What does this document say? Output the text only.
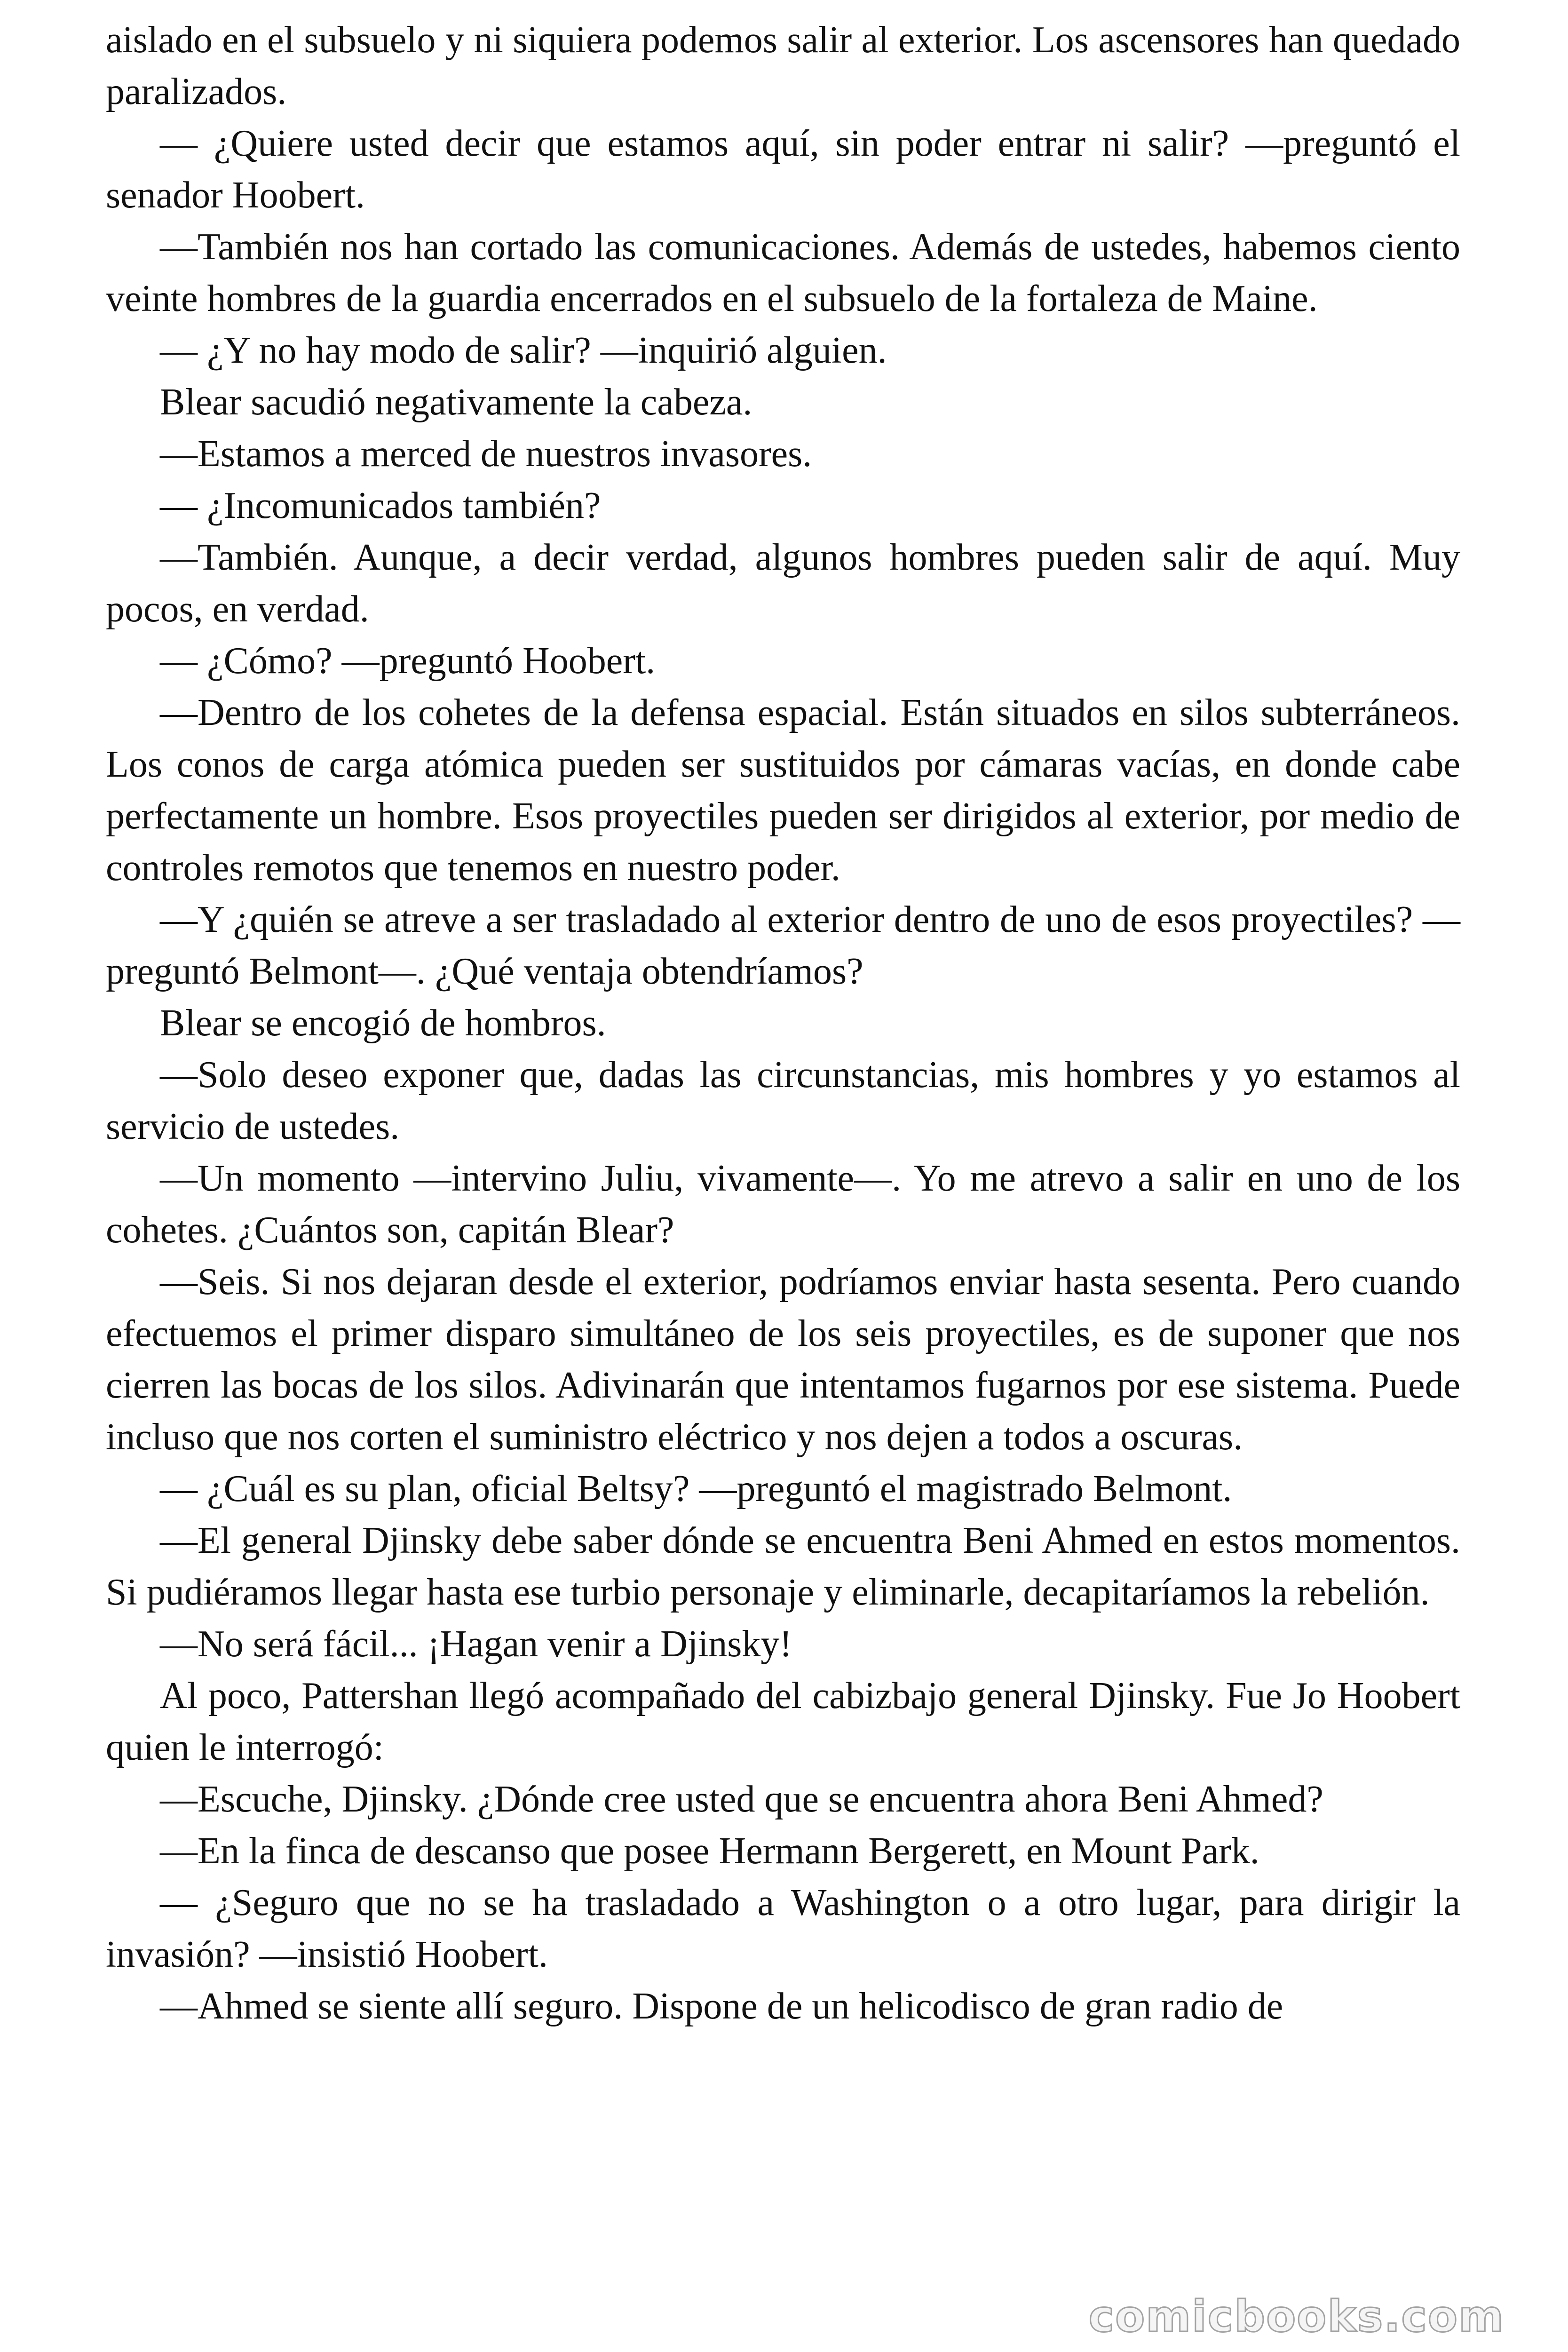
aislado en el subsuelo y ni siquiera podemos salir al exterior. Los ascensores han quedado paralizados.

— ¿Quiere usted decir que estamos aquí, sin poder entrar ni salir? —preguntó el senador Hoobert.

—También nos han cortado las comunicaciones. Además de ustedes, habemos ciento veinte hombres de la guardia encerrados en el subsuelo de la fortaleza de Maine.

— ¿Y no hay modo de salir? —inquirió alguien.

Blear sacudió negativamente la cabeza.

—Estamos a merced de nuestros invasores.

— ¿Incomunicados también?

—También. Aunque, a decir verdad, algunos hombres pueden salir de aquí. Muy pocos, en verdad.

— ¿Cómo? —preguntó Hoobert.

—Dentro de los cohetes de la defensa espacial. Están situados en silos subterráneos. Los conos de carga atómica pueden ser sustituidos por cámaras vacías, en donde cabe perfectamente un hombre. Esos proyectiles pueden ser dirigidos al exterior, por medio de controles remotos que tenemos en nuestro poder.

—Y ¿quién se atreve a ser trasladado al exterior dentro de uno de esos proyectiles? —preguntó Belmont—. ¿Qué ventaja obtendríamos?

Blear se encogió de hombros.

—Solo deseo exponer que, dadas las circunstancias, mis hombres y yo estamos al servicio de ustedes.

—Un momento —intervino Juliu, vivamente—. Yo me atrevo a salir en uno de los cohetes. ¿Cuántos son, capitán Blear?

—Seis. Si nos dejaran desde el exterior, podríamos enviar hasta sesenta. Pero cuando efectuemos el primer disparo simultáneo de los seis proyectiles, es de suponer que nos cierren las bocas de los silos. Adivinarán que intentamos fugarnos por ese sistema. Puede incluso que nos corten el suministro eléctrico y nos dejen a todos a oscuras.

— ¿Cuál es su plan, oficial Beltsy? —preguntó el magistrado Belmont.

—El general Djinsky debe saber dónde se encuentra Beni Ahmed en estos momentos. Si pudiéramos llegar hasta ese turbio personaje y eliminarle, decapitaríamos la rebelión.

—No será fácil... ¡Hagan venir a Djinsky!

Al poco, Pattershan llegó acompañado del cabizbajo general Djinsky. Fue Jo Hoobert quien le interrogó:

—Escuche, Djinsky. ¿Dónde cree usted que se encuentra ahora Beni Ahmed?

—En la finca de descanso que posee Hermann Bergerett, en Mount Park.

— ¿Seguro que no se ha trasladado a Washington o a otro lugar, para dirigir la invasión? —insistió Hoobert.

—Ahmed se siente allí seguro. Dispone de un helicodisco de gran radio de

comicbooks.com
